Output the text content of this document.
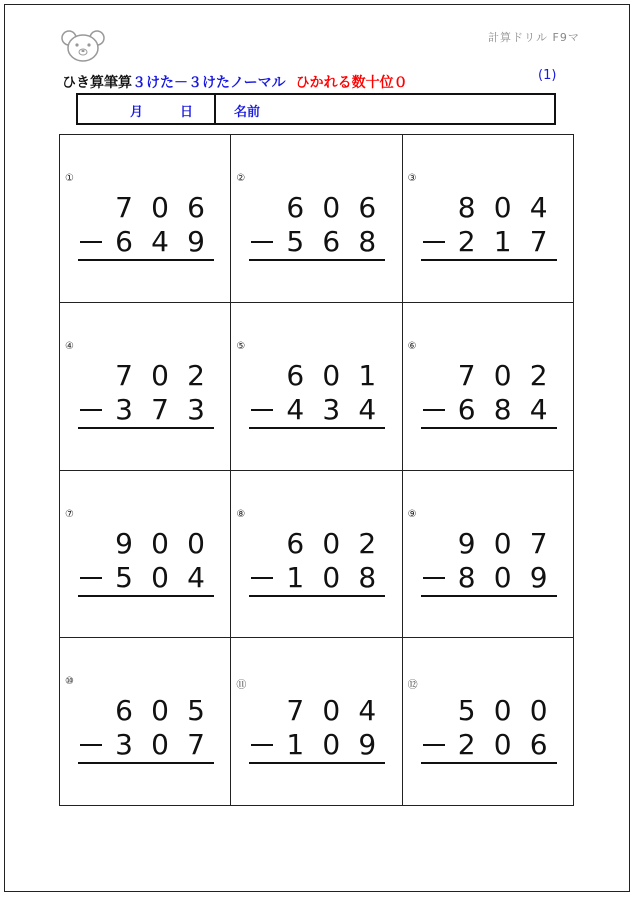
計算ドリル F9マ
ひき算筆算３けた－３けたノーマル ひかれる数十位０	(1)
月	日	名前
①
7 0 6
6 4 9
②
6 0 6
5 6 8
③
8 0 4
2 1 7
④
7 0 2
3 7 3
⑤
6 0 1
4 3 4
⑥
7 0 2
6 8 4
⑦
9 0 0
5 0 4
⑧
6 0 2
1 0 8
⑨
9 0 7
8 0 9
⑩
6 0 5
3 0 7
⑪
7 0 4
1 0 9
⑫
5 0 0
2 0 6
